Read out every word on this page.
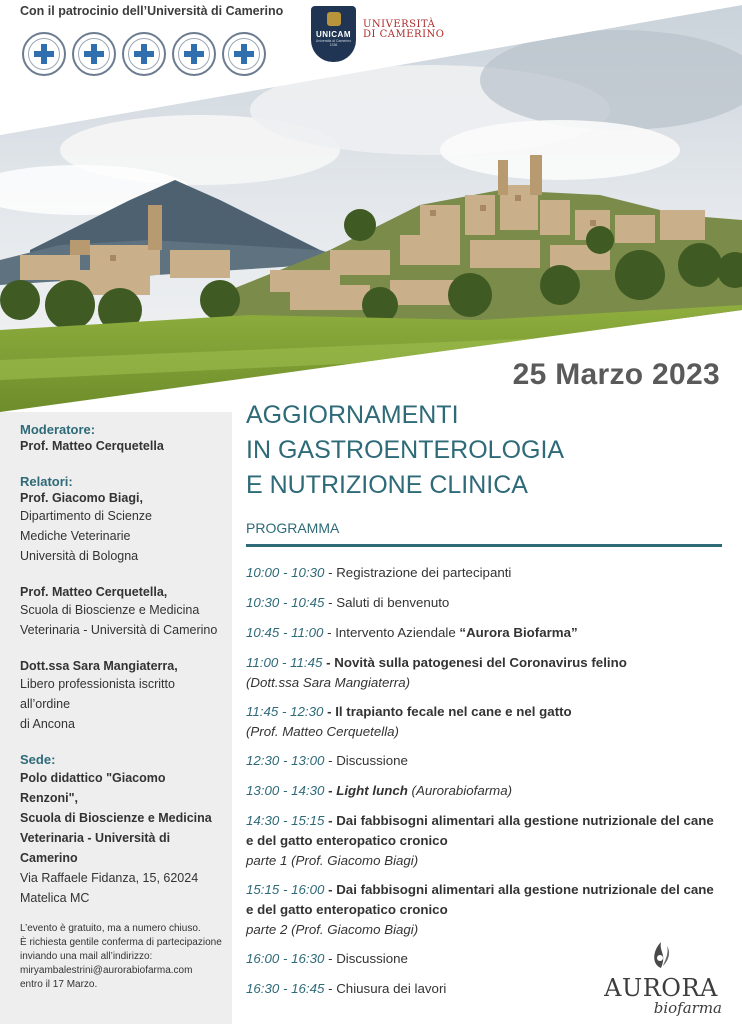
Con il patrocinio dell’Università di Camerino
UNICAM
Università di Camerino
1336
UNIVERSITÀ
DI CAMERINO
Moderatore:
Prof. Matteo Cerquetella
Relatori:
Prof. Giacomo Biagi,
Dipartimento di Scienze
Mediche Veterinarie
Università di Bologna
Prof. Matteo Cerquetella,
Scuola di Bioscienze e Medicina
Veterinaria - Università di Camerino
Dott.ssa Sara Mangiaterra,
Libero professionista iscritto all’ordine
di Ancona
Sede:
Polo didattico "Giacomo Renzoni",
Scuola di Bioscienze e Medicina
Veterinaria - Università di Camerino
Via Raffaele Fidanza, 15, 62024
Matelica MC
L’evento è gratuito, ma a numero chiuso.
È richiesta gentile conferma di partecipazione
inviando una mail all’indirizzo:
miryambalestrini@aurorabiofarma.com
entro il 17 Marzo.
25 Marzo 2023
AGGIORNAMENTI
IN GASTROENTEROLOGIA
E NUTRIZIONE CLINICA
PROGRAMMA
10:00 - 10:30 - Registrazione dei partecipanti
10:30 - 10:45 - Saluti di benvenuto
10:45 - 11:00 - Intervento Aziendale “Aurora Biofarma”
11:00 - 11:45 - Novità sulla patogenesi del Coronavirus felino
(Dott.ssa Sara Mangiaterra)
11:45 - 12:30 - Il trapianto fecale nel cane e nel gatto
(Prof. Matteo Cerquetella)
12:30 - 13:00 - Discussione
13:00 - 14:30 - Light lunch (Aurorabiofarma)
14:30 - 15:15 - Dai fabbisogni alimentari alla gestione nutrizionale del cane e del gatto enteropatico cronico
parte 1 (Prof. Giacomo Biagi)
15:15 - 16:00 - Dai fabbisogni alimentari alla gestione nutrizionale del cane e del gatto enteropatico cronico
parte 2 (Prof. Giacomo Biagi)
16:00 - 16:30 - Discussione
16:30 - 16:45 - Chiusura dei lavori	AURORA
biofarma
